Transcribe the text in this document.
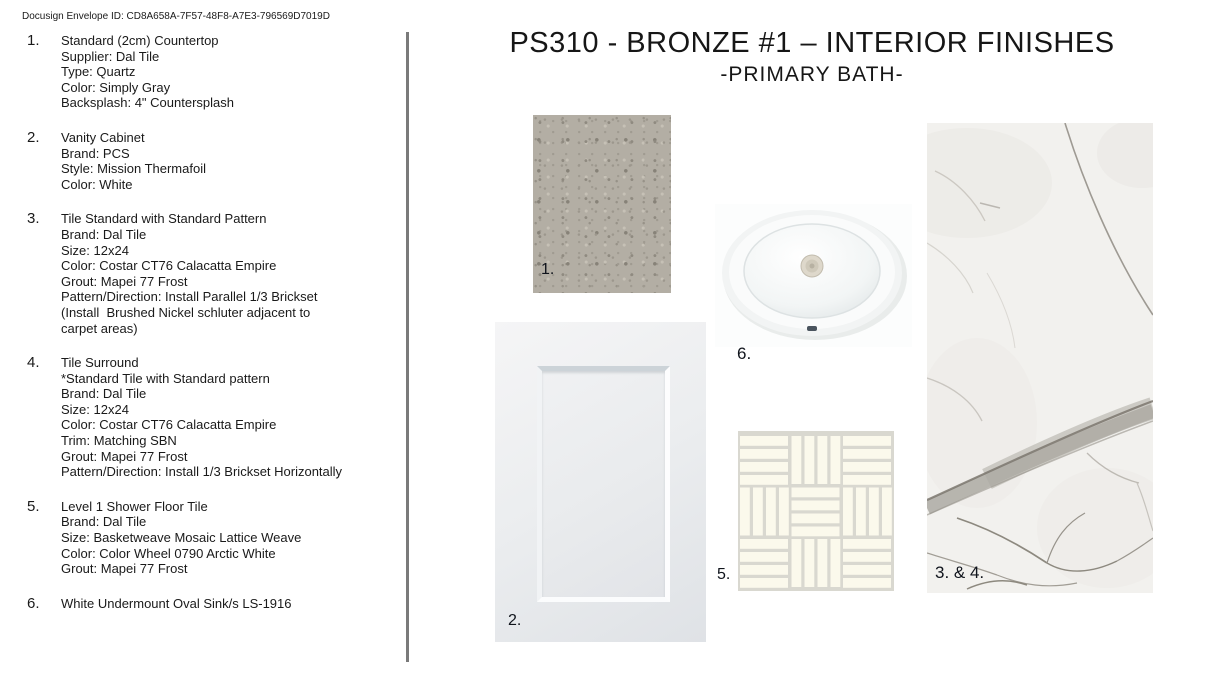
Docusign Envelope ID: CD8A658A-7F57-48F8-A7E3-796569D7019D
1.	Standard (2cm) Countertop
Supplier: Dal Tile
Type: Quartz
Color: Simply Gray
Backsplash: 4" Countersplash
2.	Vanity Cabinet
Brand: PCS
Style: Mission Thermafoil
Color: White
3.	Tile Standard with Standard Pattern
Brand: Dal Tile
Size: 12x24
Color: Costar CT76 Calacatta Empire
Grout: Mapei 77 Frost
Pattern/Direction: Install Parallel 1/3 Brickset
(Install  Brushed Nickel schluter adjacent to
carpet areas)
4.	Tile Surround
*Standard Tile with Standard pattern
Brand: Dal Tile
Size: 12x24
Color: Costar CT76 Calacatta Empire
Trim: Matching SBN
Grout: Mapei 77 Frost
Pattern/Direction: Install 1/3 Brickset Horizontally
5.	Level 1 Shower Floor Tile
Brand: Dal Tile
Size: Basketweave Mosaic Lattice Weave
Color: Color Wheel 0790 Arctic White
Grout: Mapei 77 Frost
6.	White Undermount Oval Sink/s LS-1916
PS310 - BRONZE #1 – INTERIOR FINISHES
-PRIMARY BATH-
1.
2.
6.
5.	3. & 4.
